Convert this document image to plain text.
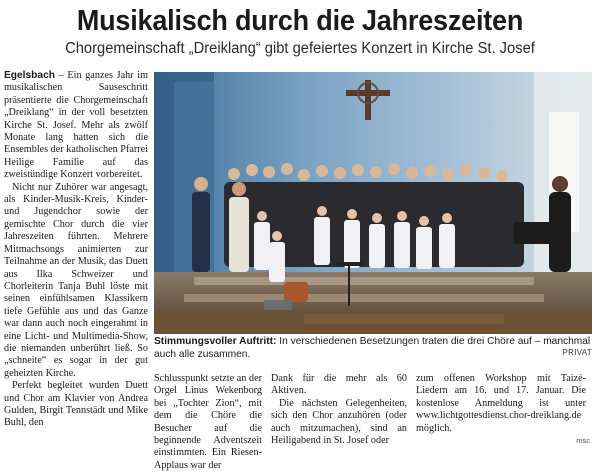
Musikalisch durch die Jahreszeiten
Chorgemeinschaft „Dreiklang“ gibt gefeiertes Konzert in Kirche St. Josef

Egelsbach – Ein ganzes Jahr im musikalischen Sauseschritt präsentierte die Chorgemeinschaft „Dreiklang“ in der voll besetzten Kirche St. Josef. Mehr als zwölf Monate lang hatten sich die Ensembles der katholischen Pfarrei Heilige Familie auf das zweistündige Konzert vorbereitet.

Nicht nur Zuhörer war angesagt, als Kinder-Musik-Kreis, Kinder- und Jugendchor sowie der gemischte Chor durch die vier Jahreszeiten führten. Mehrere Mitmachsongs animierten zur Teilnahme an der Musik, das Duett aus Ilka Schweizer und Chorleiterin Tanja Buhl löste mit seinen einfühlsamen Klassikern tiefe Gefühle aus und das Ganze war dann auch noch eingerahmt in eine Licht- und Multimedia-Show, die niemanden unberührt ließ. So „schneite“ es sogar in der gut geheizten Kirche.

Perfekt begleitet wurden Duett und Chor am Klavier von Andrea Gulden, Birgit Tennstädt und Mike Buhl, den

Stimmungsvoller Auftritt: In verschiedenen Besetzungen traten die drei Chöre auf – manchmal auch alle zusammen.	PRIVAT

Schlusspunkt setzte an der Orgel Linus Wekenborg bei „Tochter Zion“, mit dem die Chöre die Besucher auf die beginnende Adventszeit einstimmten. Ein Riesen-Applaus war der

Dank für die mehr als 60 Aktiven.

Die nächsten Gelegenheiten, sich den Chor anzuhören (oder auch mitzumachen), sind an Heiligabend in St. Josef oder

zum offenen Workshop mit Taizé-Liedern am 16. und 17. Januar. Die kostenlose Anmeldung ist unter www.lichtgottesdienst.chor-dreiklang.de möglich.

msc
